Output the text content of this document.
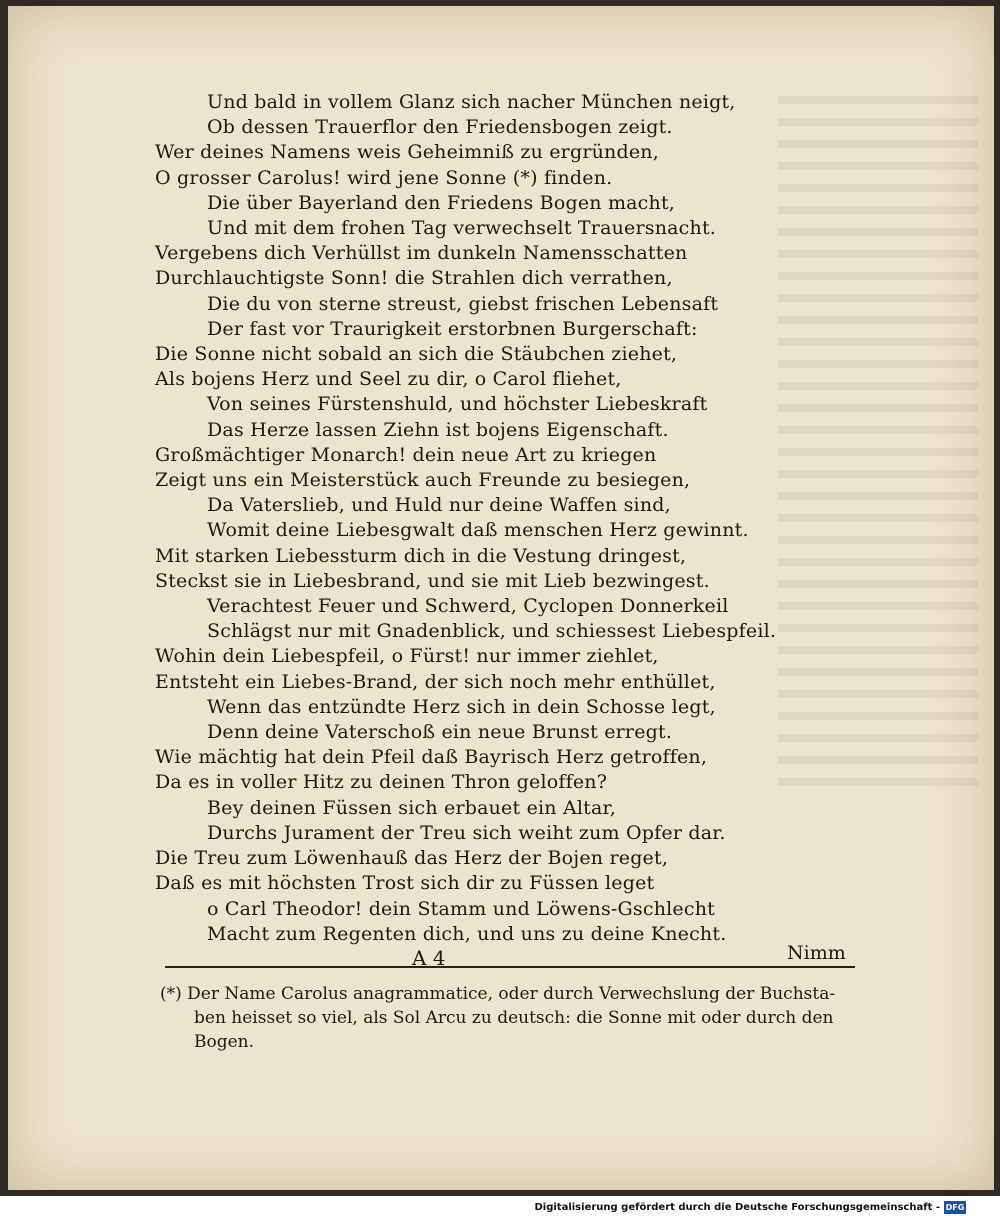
Und bald in vollem Glanz sich nacher München neigt,
Ob dessen Trauerflor den Friedensbogen zeigt.
Wer deines Namens weis Geheimniß zu ergründen,
O grosser Carolus! wird jene Sonne (*) finden.
Die über Bayerland den Friedens Bogen macht,
Und mit dem frohen Tag verwechselt Trauersnacht.
Vergebens dich Verhüllst im dunkeln Namensschatten
Durchlauchtigste Sonn! die Strahlen dich verrathen,
Die du von sterne streust, giebst frischen Lebensaft
Der fast vor Traurigkeit erstorbnen Burgerschaft:
Die Sonne nicht sobald an sich die Stäubchen ziehet,
Als bojens Herz und Seel zu dir, o Carol fliehet,
Von seines Fürstenshuld, und höchster Liebeskraft
Das Herze lassen Ziehn ist bojens Eigenschaft.
Großmächtiger Monarch! dein neue Art zu kriegen
Zeigt uns ein Meisterstück auch Freunde zu besiegen,
Da Vaterslieb, und Huld nur deine Waffen sind,
Womit deine Liebesgwalt daß menschen Herz gewinnt.
Mit starken Liebessturm dich in die Vestung dringest,
Steckst sie in Liebesbrand, und sie mit Lieb bezwingest.
Verachtest Feuer und Schwerd, Cyclopen Donnerkeil
Schlägst nur mit Gnadenblick, und schiessest Liebespfeil.
Wohin dein Liebespfeil, o Fürst! nur immer ziehlet,
Entsteht ein Liebes-Brand, der sich noch mehr enthüllet,
Wenn das entzündte Herz sich in dein Schosse legt,
Denn deine Vaterschoß ein neue Brunst erregt.
Wie mächtig hat dein Pfeil daß Bayrisch Herz getroffen,
Da es in voller Hitz zu deinen Thron geloffen?
Bey deinen Füssen sich erbauet ein Altar,
Durchs Jurament der Treu sich weiht zum Opfer dar.
Die Treu zum Löwenhauß das Herz der Bojen reget,
Daß es mit höchsten Trost sich dir zu Füssen leget
o Carl Theodor! dein Stamm und Löwens-Gschlecht
Macht zum Regenten dich, und uns zu deine Knecht.
A 4	Nimm
(*) Der Name Carolus anagrammatice, oder durch Verwechslung der Buchsta-
ben heisset so viel, als Sol Arcu zu deutsch: die Sonne mit oder durch den
Bogen.
Digitalisierung gefördert durch die Deutsche Forschungsgemeinschaft - DFG
